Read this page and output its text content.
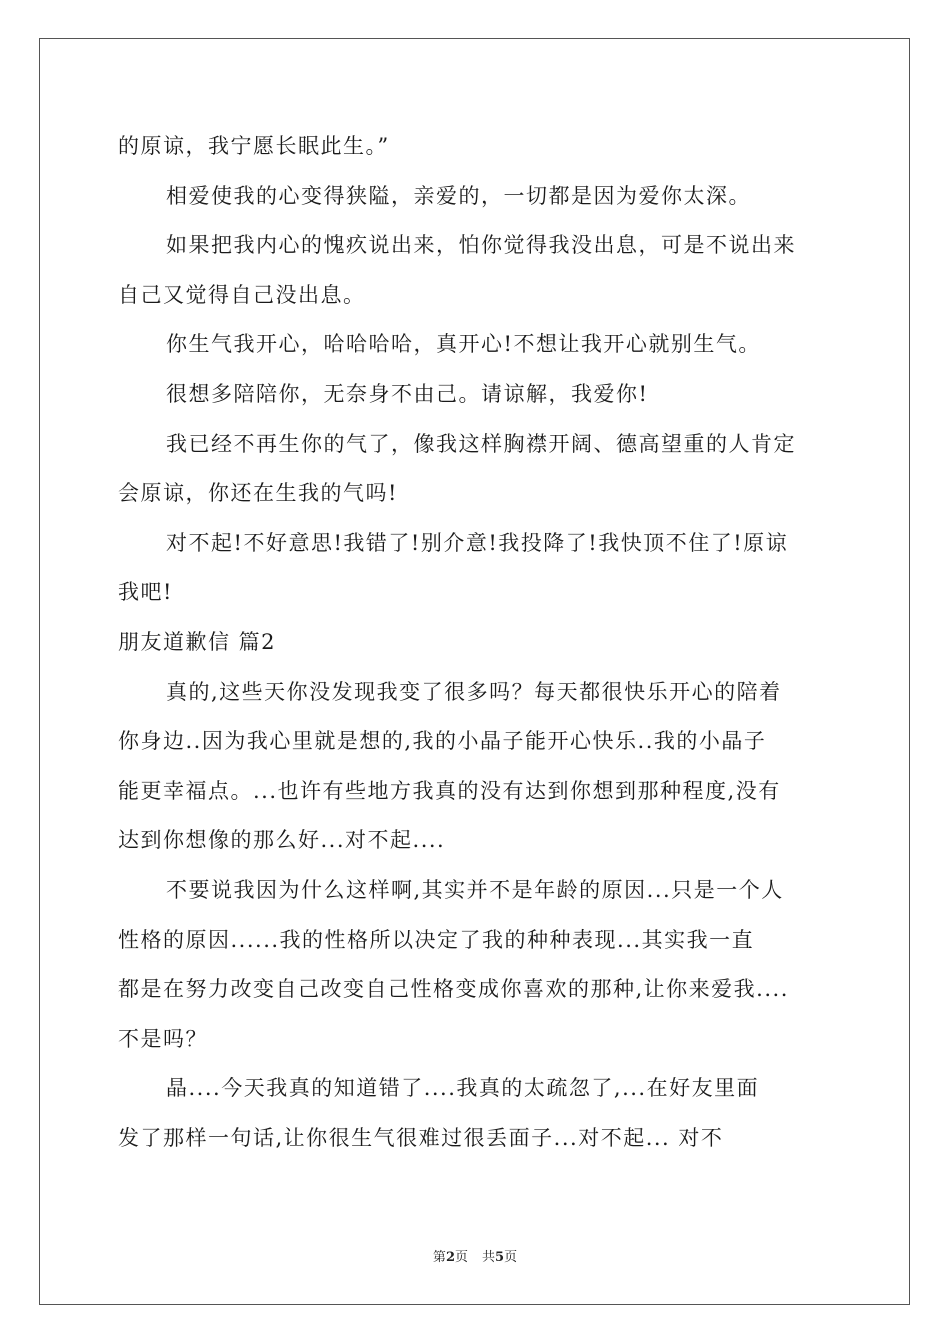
的原谅，我宁愿长眠此生。”
相爱使我的心变得狭隘，亲爱的，一切都是因为爱你太深。
如果把我内心的愧疚说出来，怕你觉得我没出息，可是不说出来
自己又觉得自己没出息。
你生气我开心，哈哈哈哈，真开心!不想让我开心就别生气。
很想多陪陪你，无奈身不由己。请谅解，我爱你!
我已经不再生你的气了，像我这样胸襟开阔、德高望重的人肯定
会原谅，你还在生我的气吗!
对不起!不好意思!我错了!别介意!我投降了!我快顶不住了!原谅
我吧!
朋友道歉信 篇2
真的,这些天你没发现我变了很多吗？每天都很快乐开心的陪着
你身边..因为我心里就是想的,我的小晶子能开心快乐..我的小晶子
能更幸福点。...也许有些地方我真的没有达到你想到那种程度,没有
达到你想像的那么好...对不起....
不要说我因为什么这样啊,其实并不是年龄的原因...只是一个人
性格的原因......我的性格所以决定了我的种种表现...其实我一直
都是在努力改变自己改变自己性格变成你喜欢的那种,让你来爱我....
不是吗？
晶....今天我真的知道错了....我真的太疏忽了,...在好友里面
发了那样一句话,让你很生气很难过很丢面子...对不起... 对不
第2页 共5页
